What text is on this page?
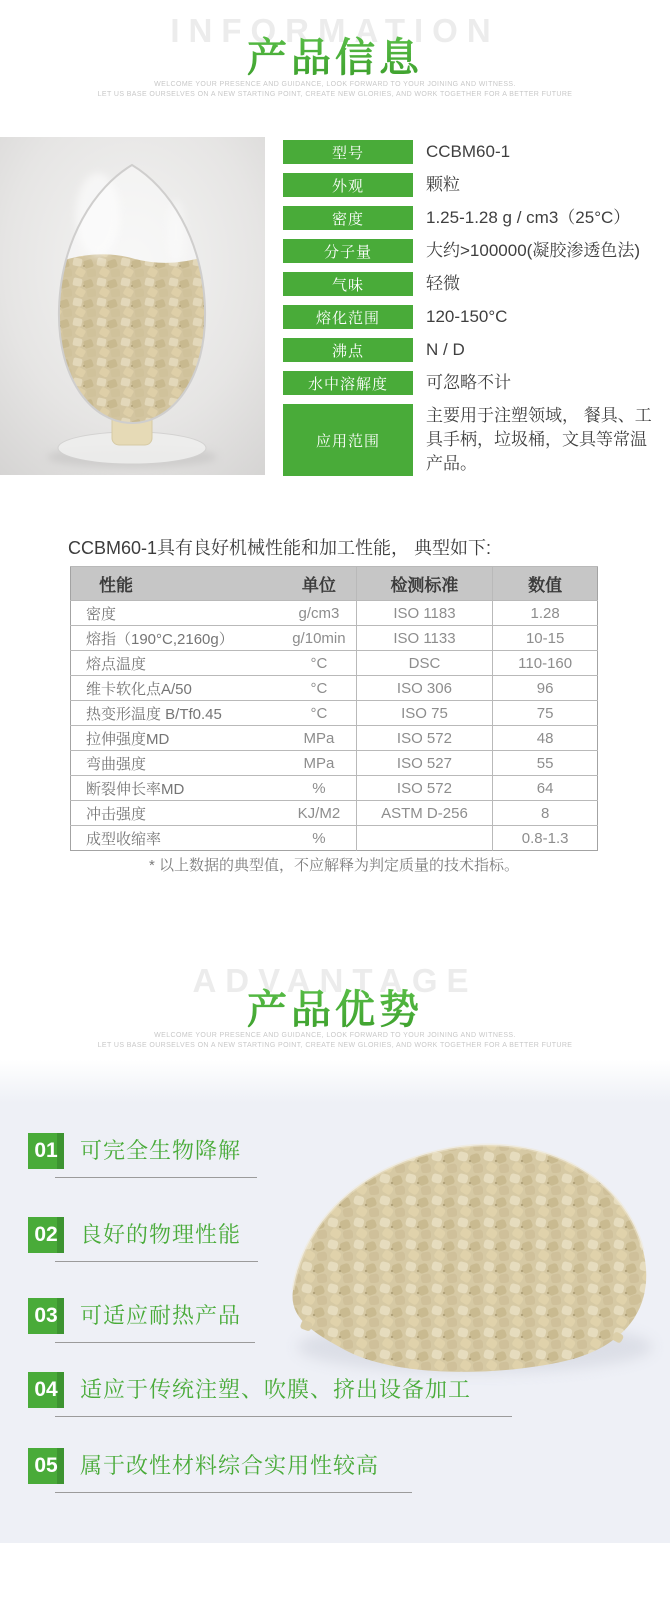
产品信息
WELCOME YOUR PRESENCE AND GUIDANCE, LOOK FORWARD TO YOUR JOINING AND WITNESS.
LET US BASE OURSELVES ON A NEW STARTING POINT, CREATE NEW GLORIES, AND WORK TOGETHER FOR A BETTER FUTURE
型号	CCBM60-1
外观	颗粒
密度	1.25-1.28 g / cm3（25°C）
分子量	大约>100000(凝胶渗透色法)
气味	轻微
熔化范围	120-150°C
沸点	N / D
水中溶解度	可忽略不计
应用范围
主要用于注塑领域， 餐具、工具手柄，垃圾桶，文具等常温产品。
CCBM60-1具有良好机械性能和加工性能， 典型如下:
性能	单位	检测标准	数值
密度	g/cm3	ISO 1183	1.28
熔指（190°C,2160g）	g/10min	ISO 1133	10-15
熔点温度	°C	DSC	110-160
维卡软化点A/50	°C	ISO 306	96
热变形温度 B/Tf0.45	°C	ISO 75	75
拉伸强度MD	MPa	ISO 572	48
弯曲强度	MPa	ISO 527	55
断裂伸长率MD	%	ISO 572	64
冲击强度	KJ/M2	ASTM D-256	8
成型收缩率	%		0.8-1.3
* 以上数据的典型值，不应解释为判定质量的技术指标。
产品优势
WELCOME YOUR PRESENCE AND GUIDANCE, LOOK FORWARD TO YOUR JOINING AND WITNESS.
LET US BASE OURSELVES ON A NEW STARTING POINT, CREATE NEW GLORIES, AND WORK TOGETHER FOR A BETTER FUTURE
01 可完全生物降解
02 良好的物理性能
03 可适应耐热产品
04 适应于传统注塑、吹膜、挤出设备加工
05 属于改性材料综合实用性较高
